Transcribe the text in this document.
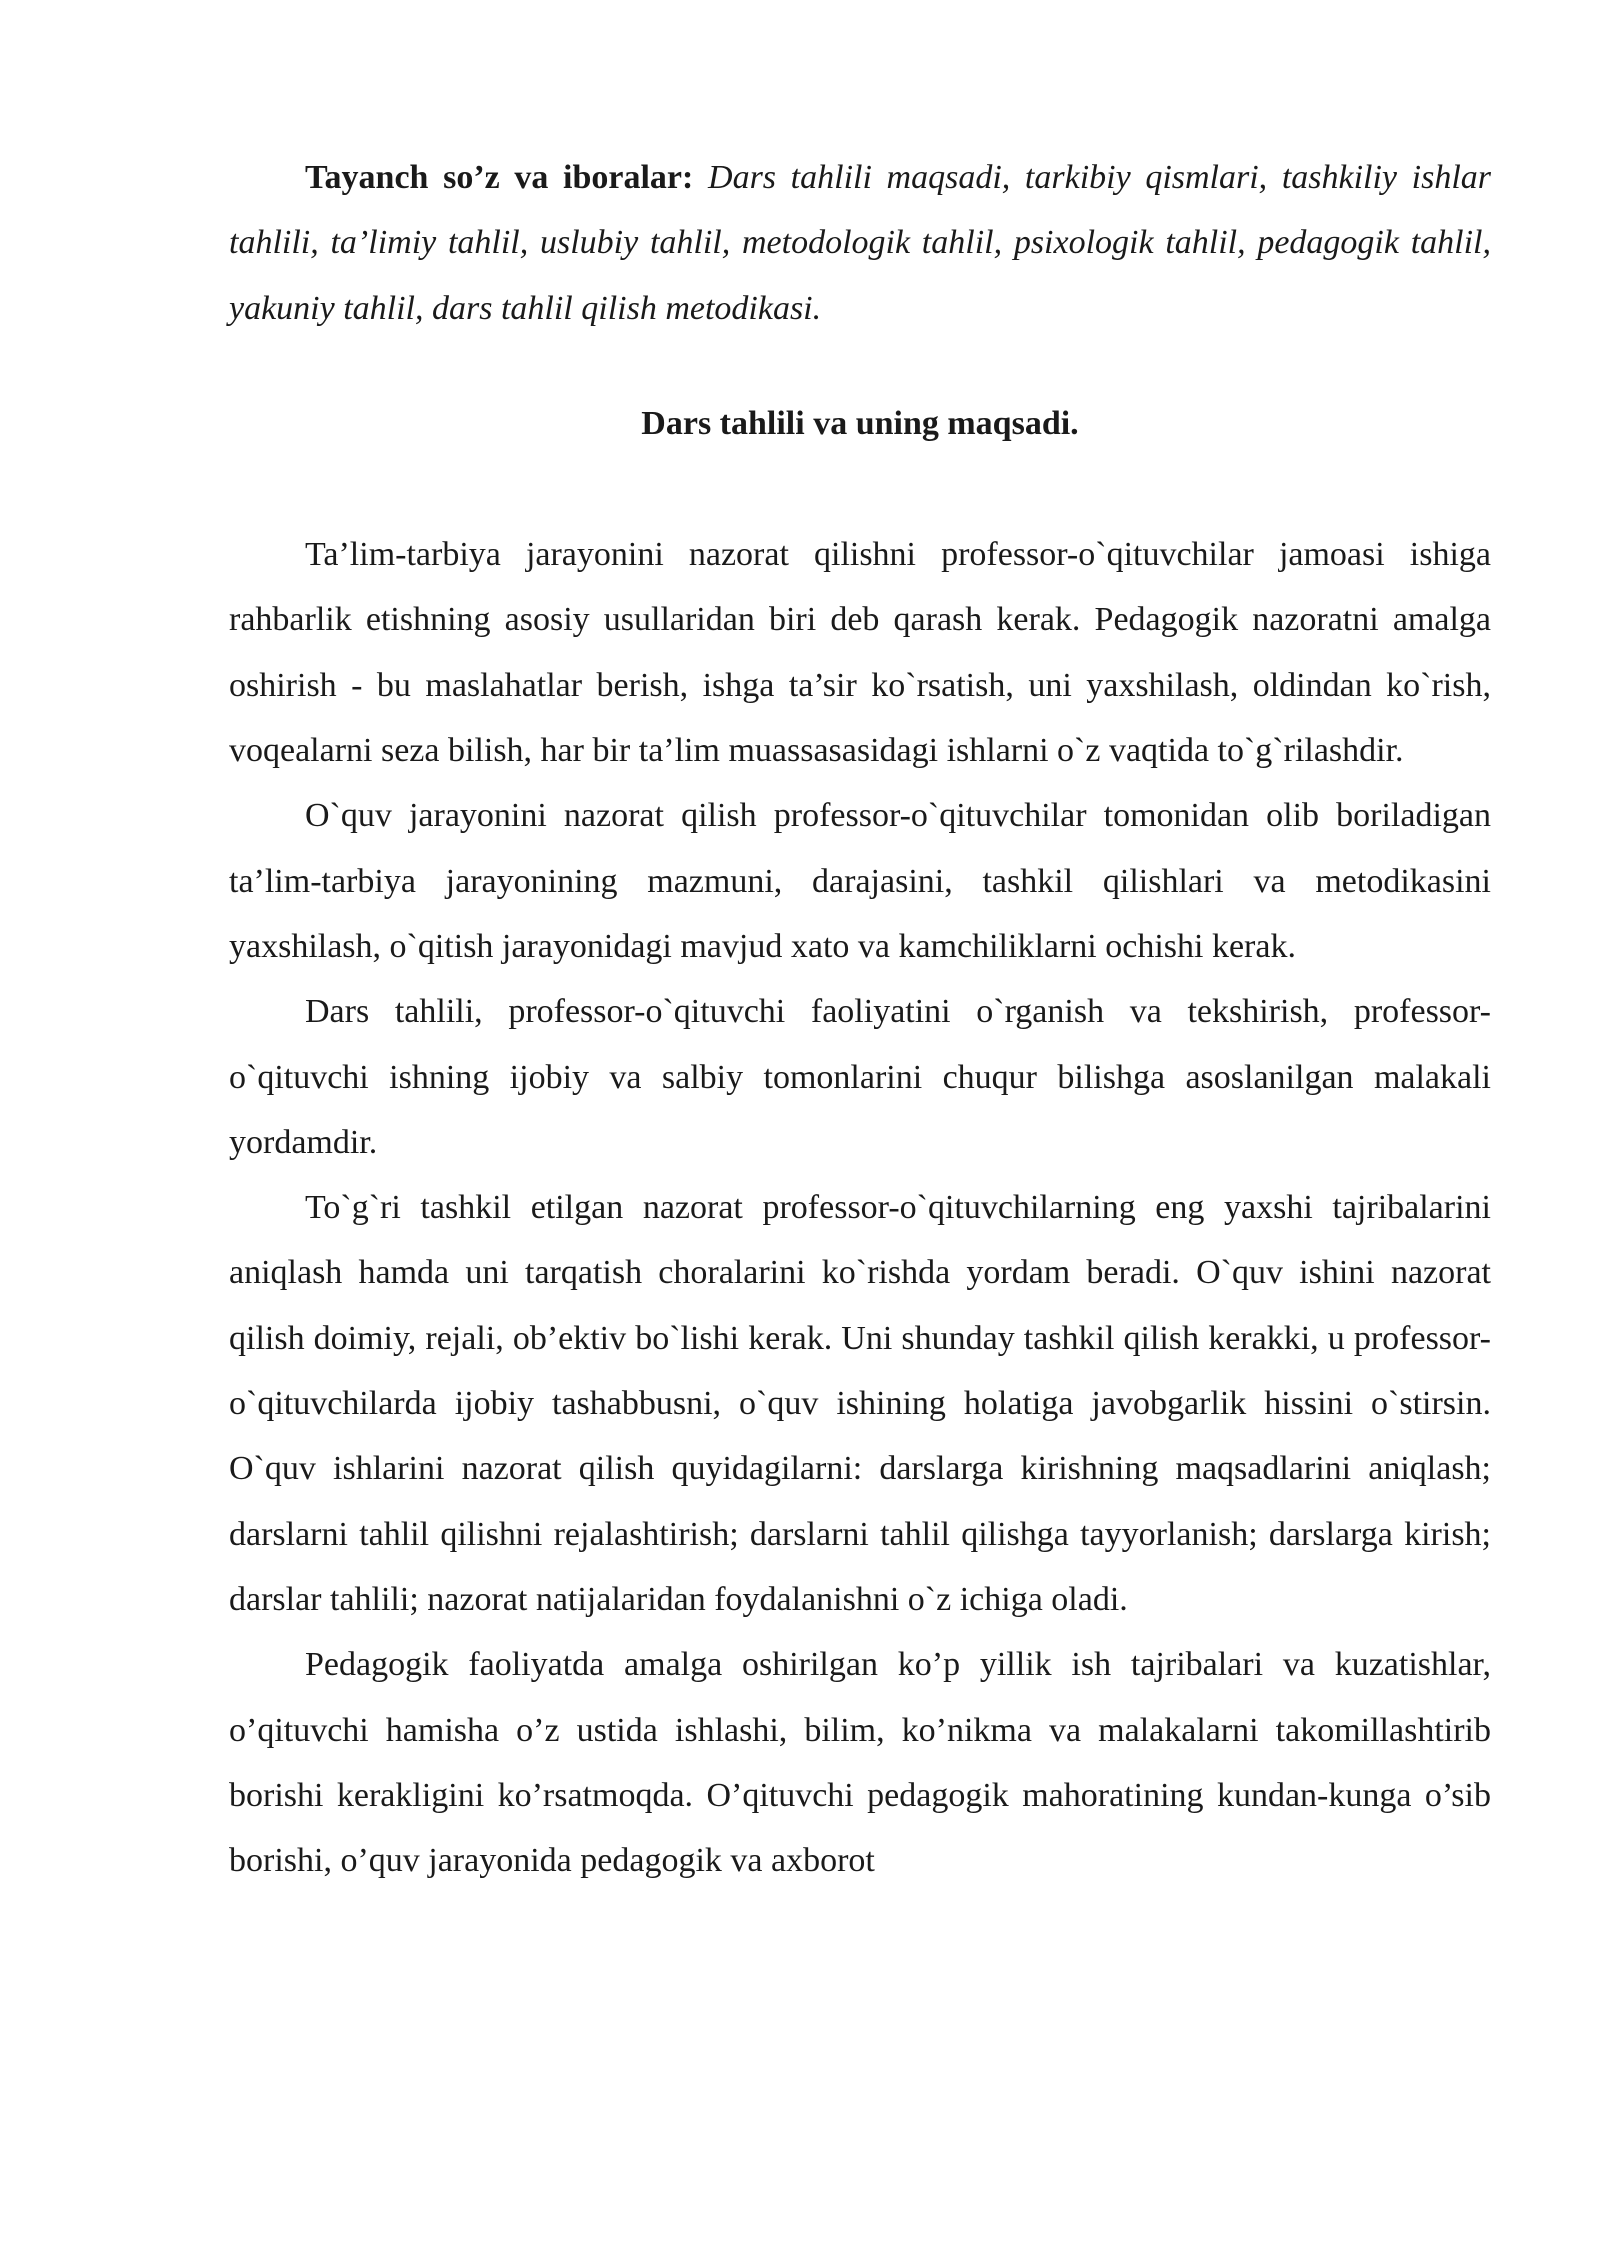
Tayanch so’z va iboralar: Dars tahlili maqsadi, tarkibiy qismlari, tashkiliy ishlar tahlili, ta’limiy tahlil, uslubiy tahlil, metodologik tahlil, psixologik tahlil, pedagogik tahlil, yakuniy tahlil, dars tahlil qilish metodikasi.

Dars tahlili va uning maqsadi.

Ta’lim-tarbiya jarayonini nazorat qilishni professor-o`qituvchilar jamoasi ishiga rahbarlik etishning asosiy usullaridan biri deb qarash kerak. Pedagogik nazoratni amalga oshirish - bu maslahatlar berish, ishga ta’sir ko`rsatish, uni yaxshilash, oldindan ko`rish, voqealarni seza bilish, har bir ta’lim muassasasidagi ishlarni o`z vaqtida to`g`rilashdir.

O`quv jarayonini nazorat qilish professor-o`qituvchilar tomonidan olib boriladigan ta’lim-tarbiya jarayonining mazmuni, darajasini, tashkil qilishlari va metodikasini yaxshilash, o`qitish jarayonidagi mavjud xato va kamchiliklarni ochishi kerak.

Dars tahlili, professor-o`qituvchi faoliyatini o`rganish va tekshirish, professor-o`qituvchi ishning ijobiy va salbiy tomonlarini chuqur bilishga asoslanilgan malakali yordamdir.

To`g`ri tashkil etilgan nazorat professor-o`qituvchilarning eng yaxshi tajribalarini aniqlash hamda uni tarqatish choralarini ko`rishda yordam beradi. O`quv ishini nazorat qilish doimiy, rejali, ob’ektiv bo`lishi kerak. Uni shunday tashkil qilish kerakki, u professor-o`qituvchilarda ijobiy tashabbusni, o`quv ishining holatiga javobgarlik hissini o`stirsin. O`quv ishlarini nazorat qilish quyidagilarni: darslarga kirishning maqsadlarini aniqlash; darslarni tahlil qilishni rejalashtirish; darslarni tahlil qilishga tayyorlanish; darslarga kirish; darslar tahlili; nazorat natijalaridan foydalanishni o`z ichiga oladi.

Pedagogik faoliyatda amalga oshirilgan ko’p yillik ish tajribalari va kuzatishlar, o’qituvchi hamisha o’z ustida ishlashi, bilim, ko’nikma va malakalarni takomillashtirib borishi kerakligini ko’rsatmoqda. O’qituvchi pedagogik mahoratining kundan-kunga o’sib borishi, o’quv jarayonida pedagogik va axborot
